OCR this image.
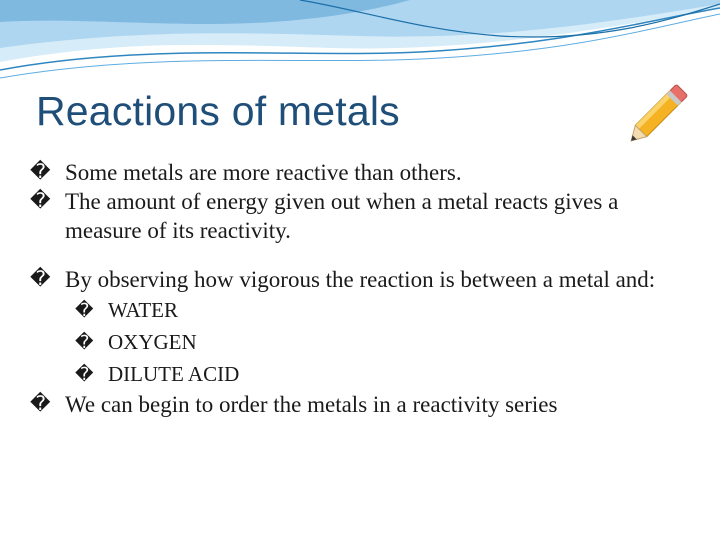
Reactions of metals
� Some metals are more reactive than others.
� The amount of energy given out when a metal reacts gives a measure of its reactivity.
� By observing how vigorous the reaction is between a metal and:
� WATER
� OXYGEN
� DILUTE ACID
� We can begin to order the metals in a reactivity series
